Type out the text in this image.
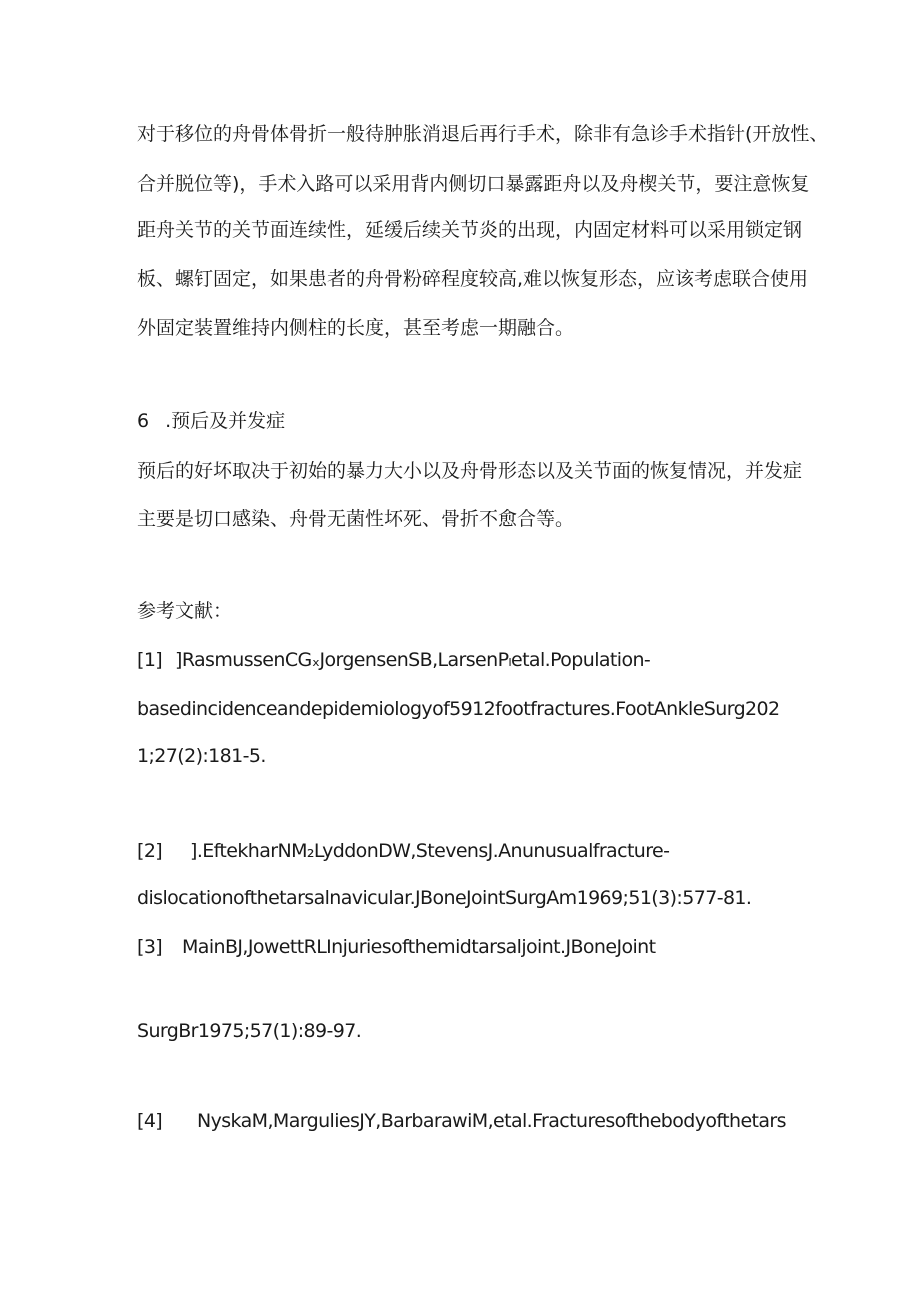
对于移位的舟骨体骨折一般待肿胀消退后再行手术，除非有急诊手术指针(开放性、

合并脱位等)，手术入路可以采用背内侧切口暴露距舟以及舟楔关节，要注意恢复

距舟关节的关节面连续性，延缓后续关节炎的出现，内固定材料可以采用锁定钢

板、螺钉固定，如果患者的舟骨粉碎程度较高,难以恢复形态，应该考虑联合使用

外固定装置维持内侧柱的长度，甚至考虑一期融合。

6 .预后及并发症

预后的好坏取决于初始的暴力大小以及舟骨形态以及关节面的恢复情况，并发症

主要是切口感染、舟骨无菌性坏死、骨折不愈合等。

参考文献：

[1] ]RasmussenCGₓJorgensenSB,LarsenPₗetal.Population-

basedincidenceandepidemiologyof5912footfractures.FootAnkleSurg202

1;27(2):181-5.

[2] ].EftekharNM₂LyddonDW,StevensJ.Anunusualfracture-

dislocationofthetarsalnavicular.JBoneJointSurgAm1969;51(3):577-81.

[3] MainBJ,JowettRLInjuriesofthemidtarsaljoint.JBoneJoint

SurgBr1975;57(1):89-97.

[4] NyskaM,MarguliesJY,BarbarawiM,etal.Fracturesofthebodyofthetars
